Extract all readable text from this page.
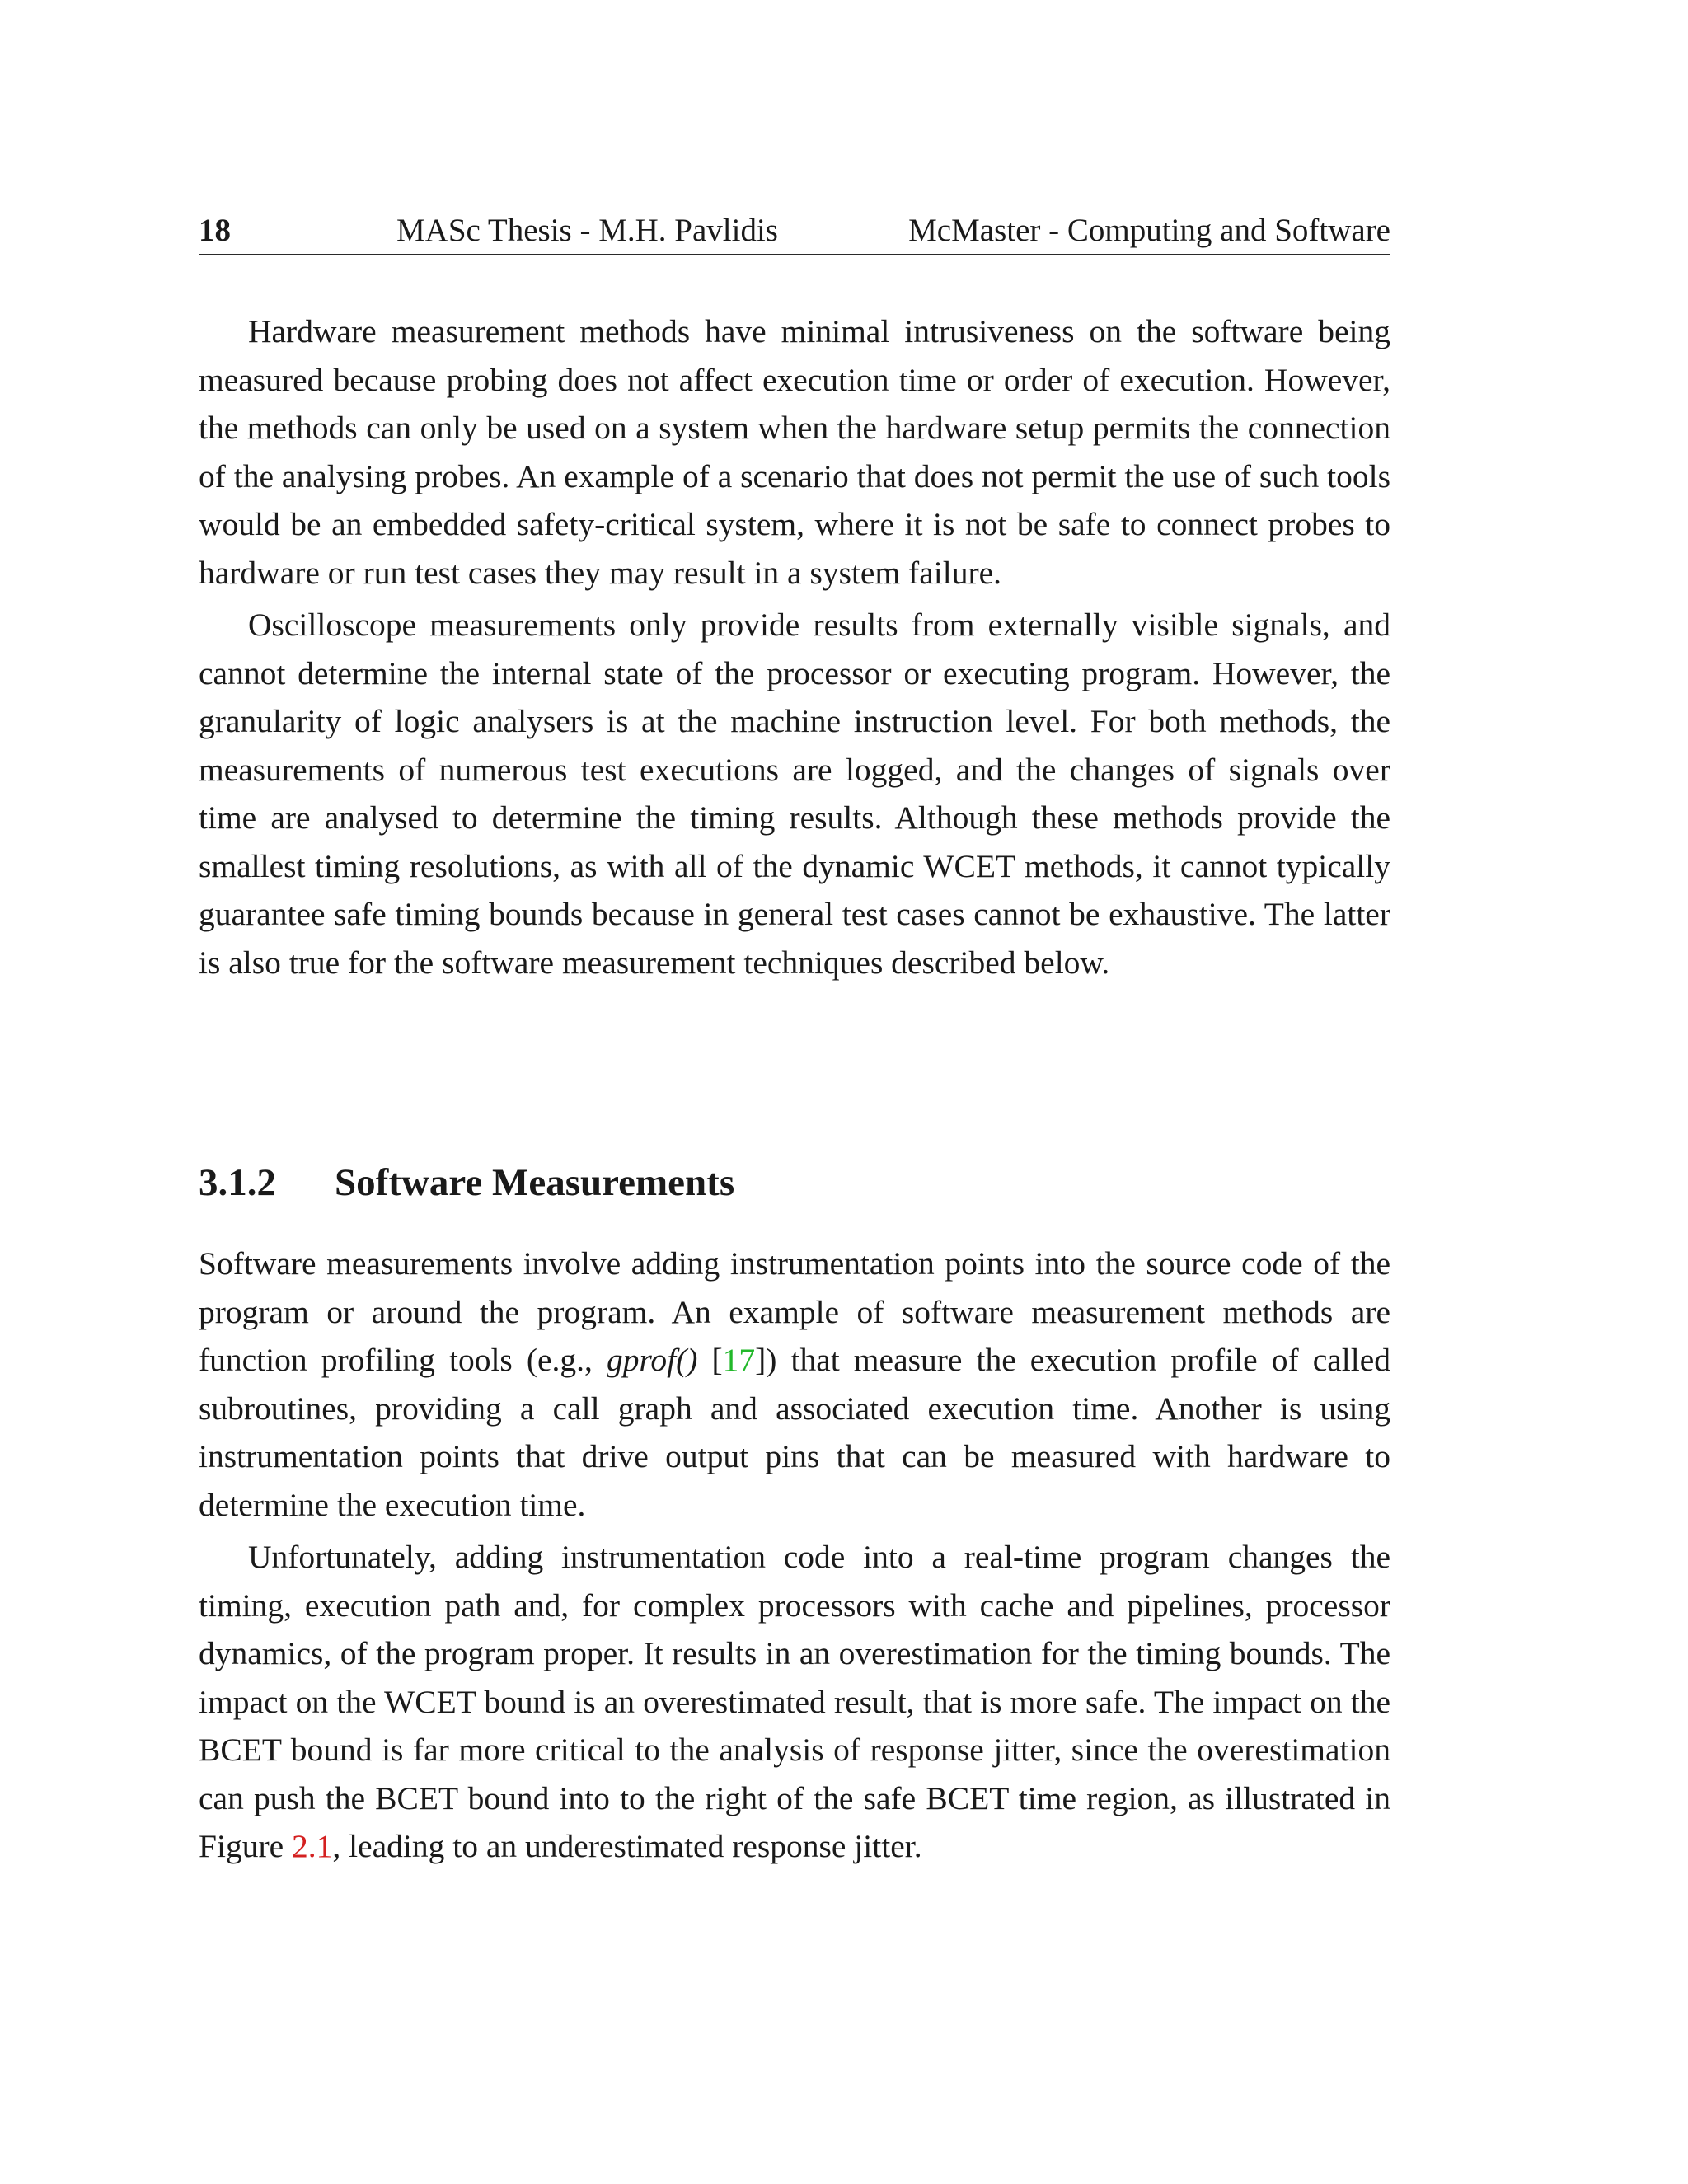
18	MASc Thesis - M.H. Pavlidis	McMaster - Computing and Software

Hardware measurement methods have minimal intrusiveness on the software being measured because probing does not affect execution time or order of execution. However, the methods can only be used on a system when the hardware setup permits the connection of the analysing probes. An example of a scenario that does not permit the use of such tools would be an embedded safety-critical system, where it is not be safe to connect probes to hardware or run test cases they may result in a system failure.

Oscilloscope measurements only provide results from externally visible signals, and cannot determine the internal state of the processor or executing program. However, the granularity of logic analysers is at the machine instruction level. For both methods, the measurements of numerous test executions are logged, and the changes of signals over time are analysed to determine the timing results. Although these methods provide the smallest timing resolutions, as with all of the dynamic WCET methods, it cannot typically guarantee safe timing bounds because in general test cases cannot be exhaustive. The latter is also true for the software measurement techniques described below.

3.1.2 Software Measurements

Software measurements involve adding instrumentation points into the source code of the program or around the program. An example of software measurement methods are function profiling tools (e.g., gprof() [17]) that measure the execution profile of called subroutines, providing a call graph and associated execution time. Another is using instrumentation points that drive output pins that can be measured with hardware to determine the execution time.

Unfortunately, adding instrumentation code into a real-time program changes the timing, execution path and, for complex processors with cache and pipelines, processor dynamics, of the program proper. It results in an overestimation for the timing bounds. The impact on the WCET bound is an overestimated result, that is more safe. The impact on the BCET bound is far more critical to the analysis of response jitter, since the overestimation can push the BCET bound into to the right of the safe BCET time region, as illustrated in Figure 2.1, leading to an underestimated response jitter.
